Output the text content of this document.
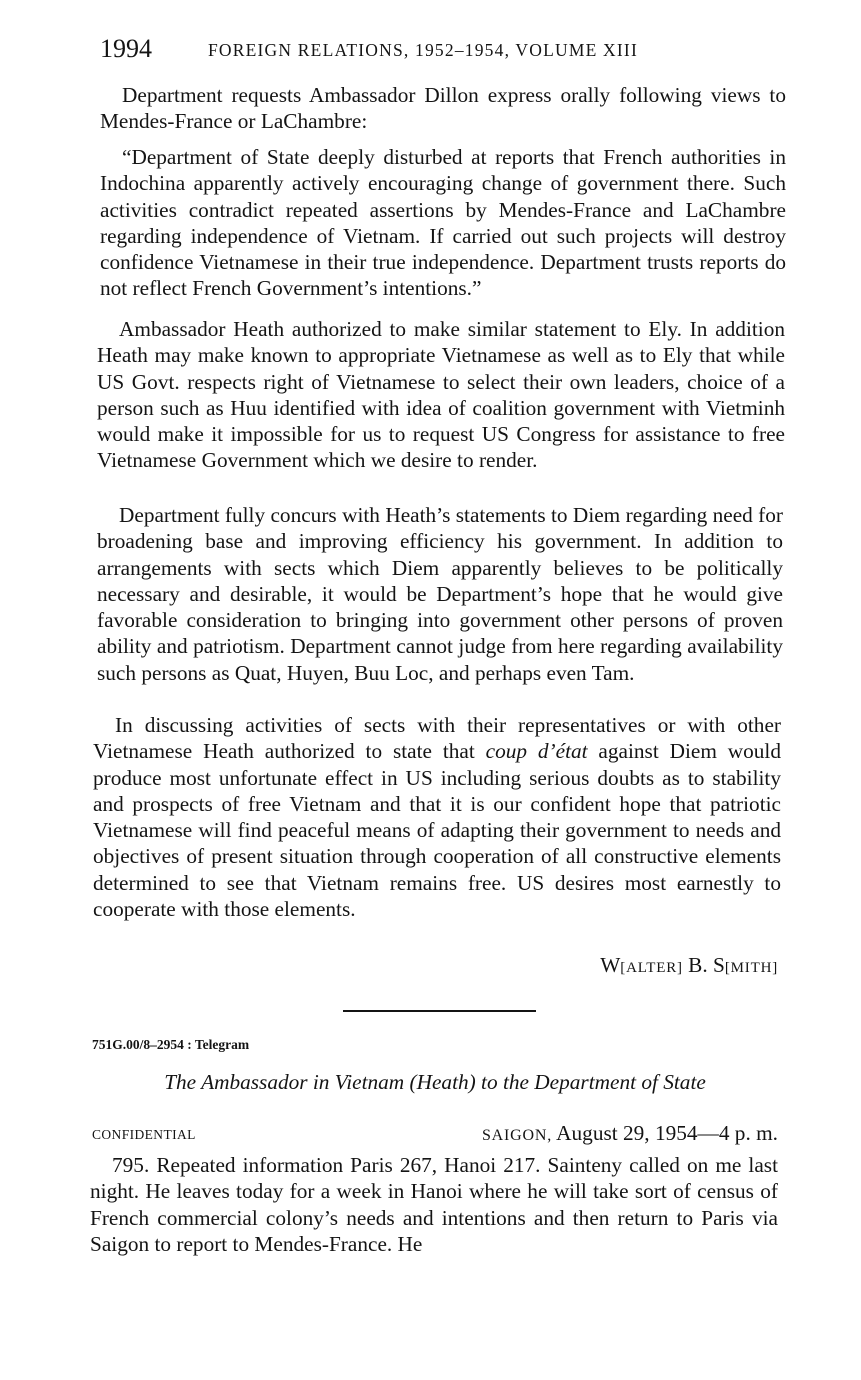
1994	FOREIGN RELATIONS, 1952–1954, VOLUME XIII

Department requests Ambassador Dillon express orally following views to Mendes-France or LaChambre:

“Department of State deeply disturbed at reports that French authorities in Indochina apparently actively encouraging change of government there. Such activities contradict repeated assertions by Mendes-France and LaChambre regarding independence of Vietnam. If carried out such projects will destroy confidence Vietnamese in their true independence. Department trusts reports do not reflect French Government’s intentions.”

Ambassador Heath authorized to make similar statement to Ely. In addition Heath may make known to appropriate Vietnamese as well as to Ely that while US Govt. respects right of Vietnamese to select their own leaders, choice of a person such as Huu identified with idea of coalition government with Vietminh would make it impossible for us to request US Congress for assistance to free Vietnamese Government which we desire to render.

Department fully concurs with Heath’s statements to Diem regarding need for broadening base and improving efficiency his government. In addition to arrangements with sects which Diem apparently believes to be politically necessary and desirable, it would be Department’s hope that he would give favorable consideration to bringing into government other persons of proven ability and patriotism. Department cannot judge from here regarding availability such persons as Quat, Huyen, Buu Loc, and perhaps even Tam.

In discussing activities of sects with their representatives or with other Vietnamese Heath authorized to state that coup d’état against Diem would produce most unfortunate effect in US including serious doubts as to stability and prospects of free Vietnam and that it is our confident hope that patriotic Vietnamese will find peaceful means of adapting their government to needs and objectives of present situation through cooperation of all constructive elements determined to see that Vietnam remains free. US desires most earnestly to cooperate with those elements.

W[ALTER] B. S[MITH]
751G.00/8–2954 : Telegram
The Ambassador in Vietnam (Heath) to the Department of State
CONFIDENTIAL	SAIGON, August 29, 1954—4 p. m.

795. Repeated information Paris 267, Hanoi 217. Sainteny called on me last night. He leaves today for a week in Hanoi where he will take sort of census of French commercial colony’s needs and intentions and then return to Paris via Saigon to report to Mendes-France. He
